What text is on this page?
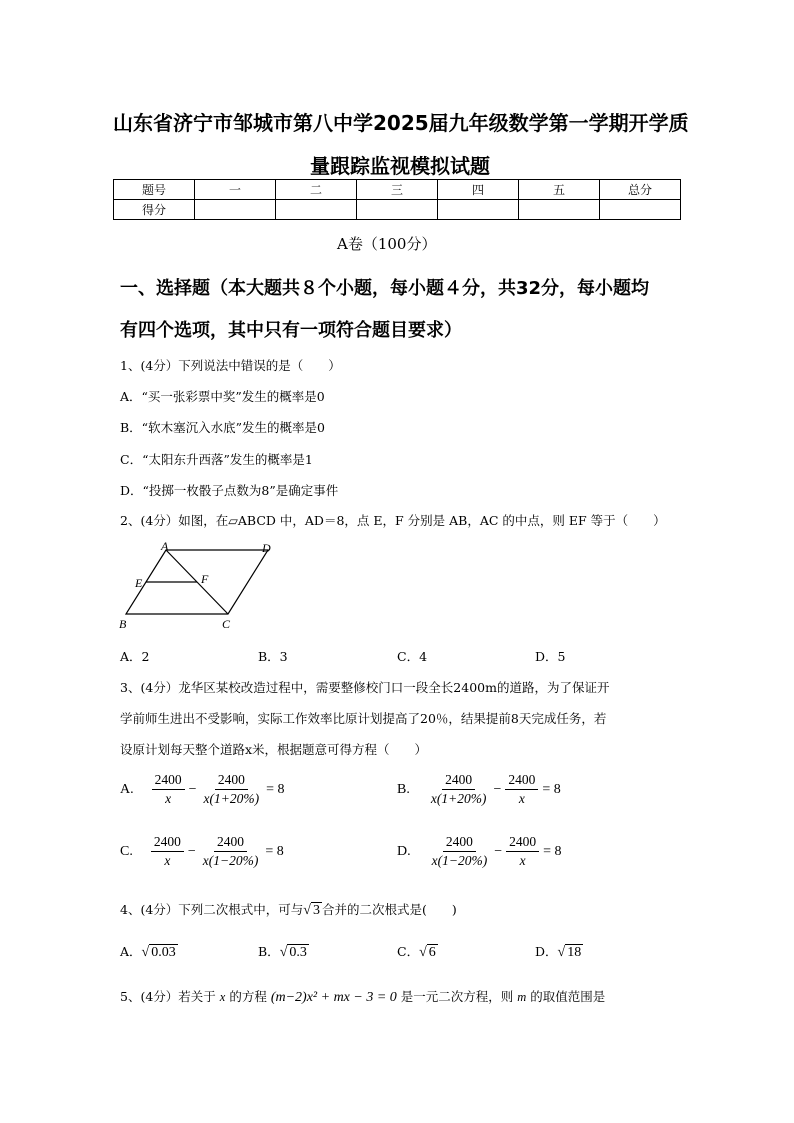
山东省济宁市邹城市第八中学2025届九年级数学第一学期开学质
量跟踪监视模拟试题
题号	一	二	三	四	五	总分
得分						
A卷（100分）
一、选择题（本大题共８个小题，每小题４分，共32分，每小题均
有四个选项，其中只有一项符合题目要求）
1、(4分）下列说法中错误的是（　　）
A．“买一张彩票中奖”发生的概率是0
B．“软木塞沉入水底”发生的概率是0
C．“太阳东升西落”发生的概率是1
D．“投掷一枚骰子点数为8”是确定事件
2、(4分）如图，在▱ABCD 中，AD＝8，点 E，F 分别是 AB，AC 的中点，则 EF 等于（　　）
A	D
E	F
B	C
A．2	B．3	C．4	D．5
3、(4分）龙华区某校改造过程中，需要整修校门口一段全长2400m的道路，为了保证开
学前师生进出不受影响，实际工作效率比原计划提高了20％，结果提前8天完成任务，若
设原计划每天整个道路x米，根据题意可得方程（　　）
A. $\frac{2400}{x} - \frac{2400}{x(1+20\%)} = 8$	B. $\frac{2400}{x(1+20\%)} - \frac{2400}{x} = 8$
C. $\frac{2400}{x} - \frac{2400}{x(1-20\%)} = 8$	D. $\frac{2400}{x(1-20\%)} - \frac{2400}{x} = 8$
4、(4分）下列二次根式中，可与√ 3 合并的二次根式是(　　)
A．√ 0.03	B．√ 0.3	C．√ 6	D．√ 18
5、(4分）若关于 x 的方程 (m−2)x² + mx − 3 = 0 是一元二次方程，则 m 的取值范围是
